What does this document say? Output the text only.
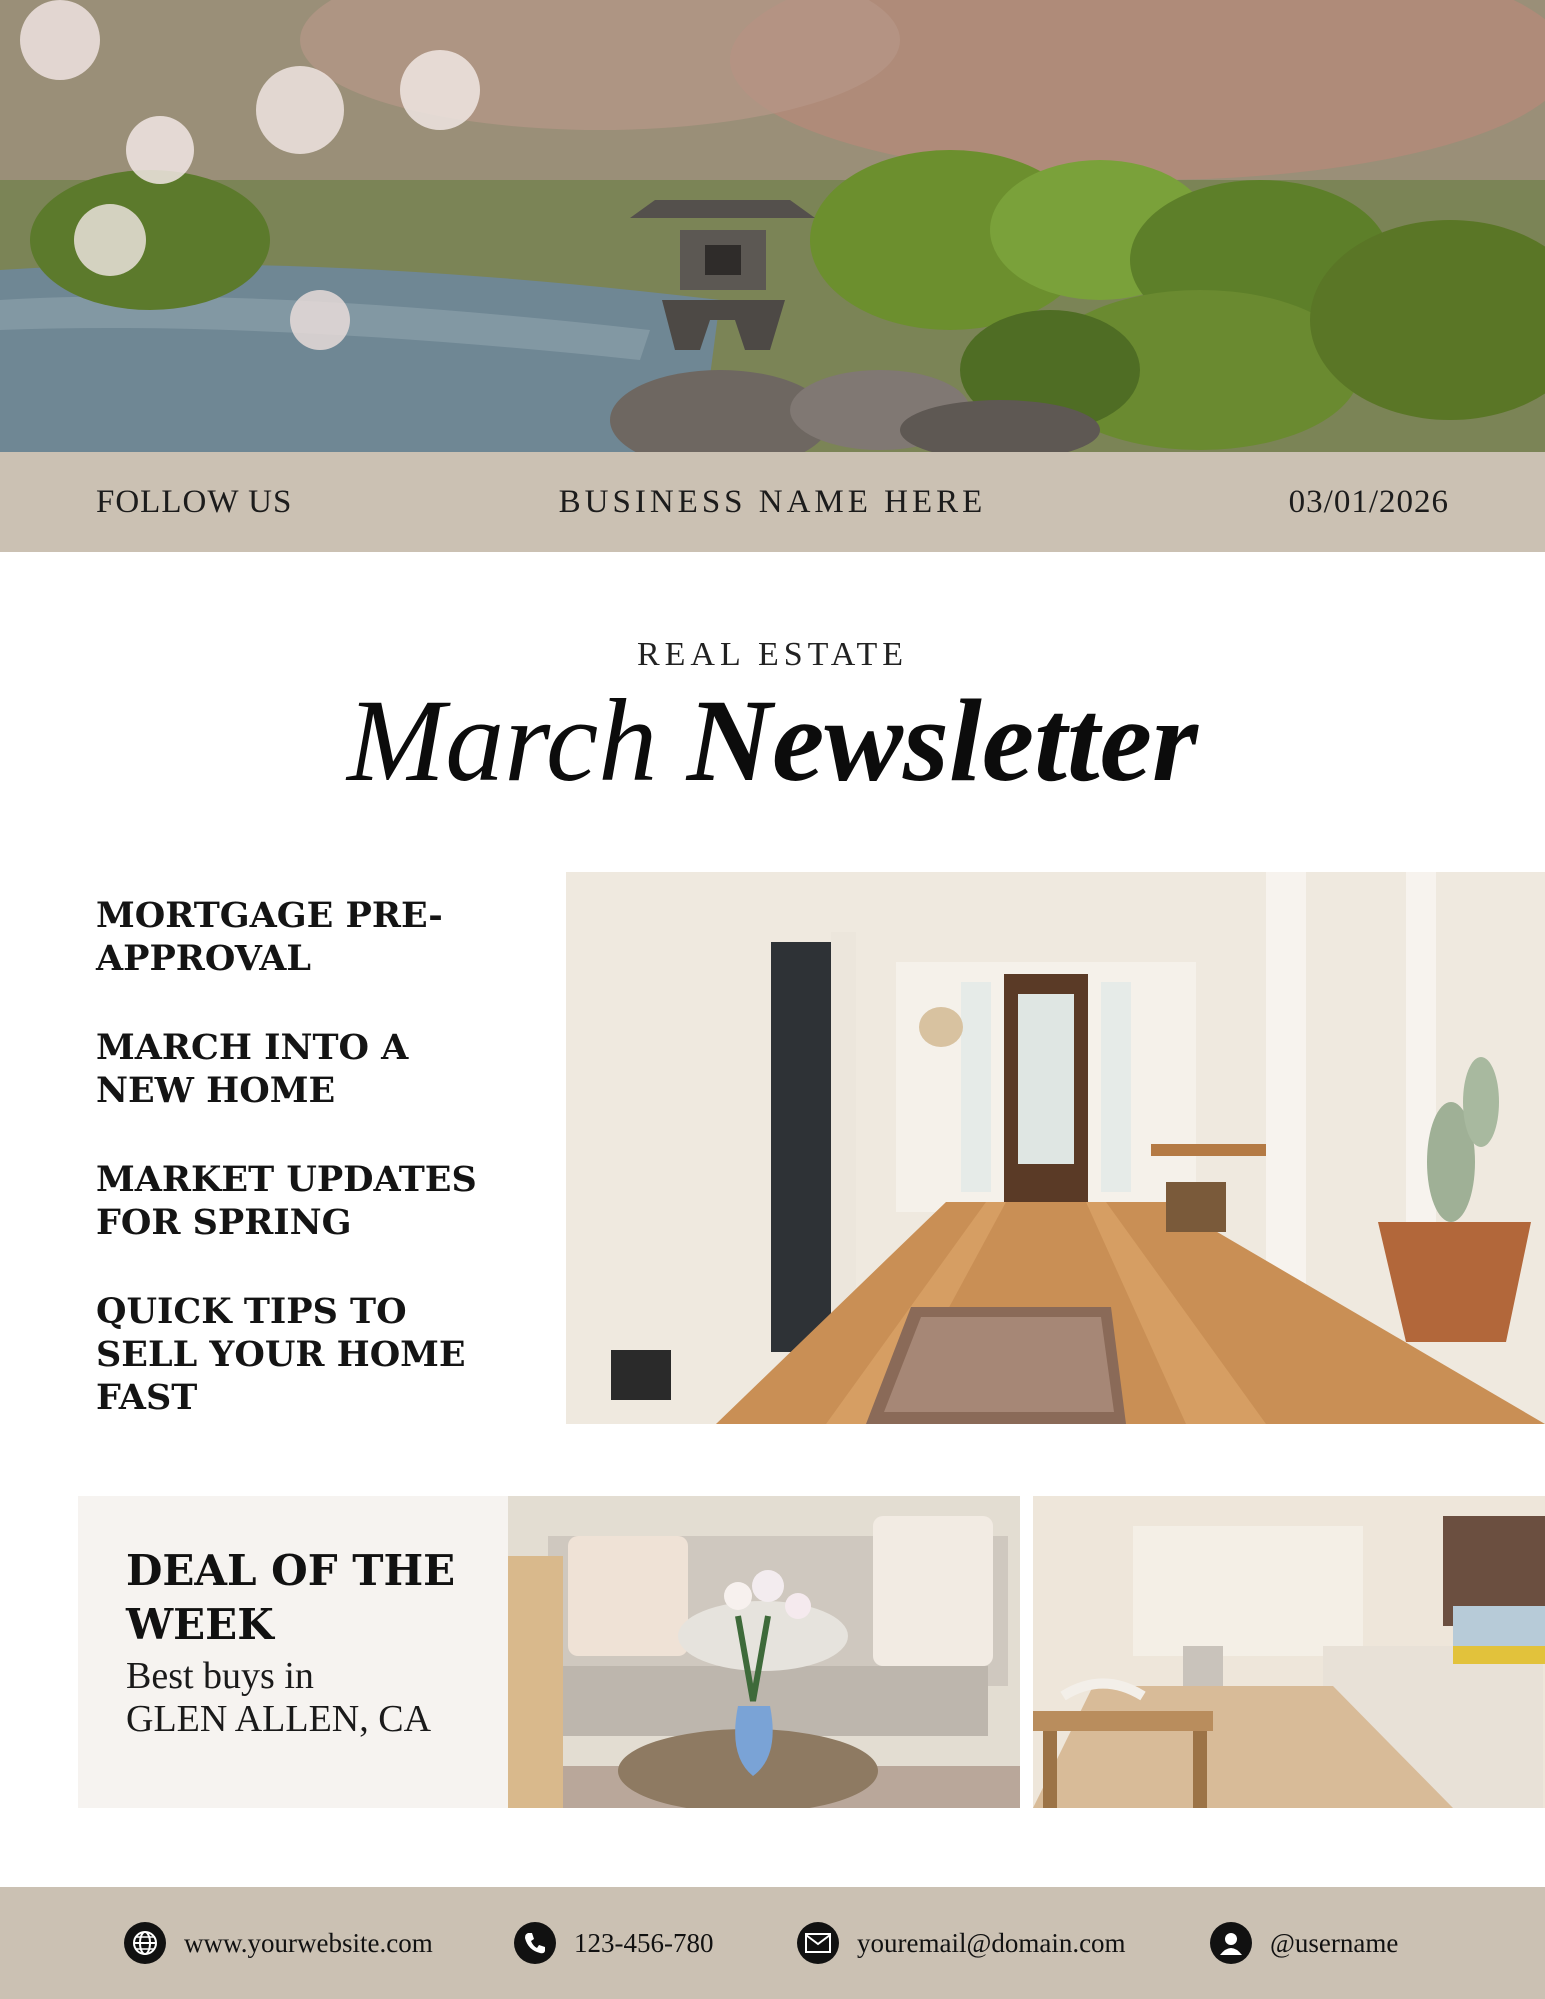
FOLLOW US	BUSINESS NAME HERE	03/01/2026
REAL ESTATE
March Newsletter
MORTGAGE PRE-APPROVAL
MARCH INTO A NEW HOME
MARKET UPDATES FOR SPRING
QUICK TIPS TO SELL YOUR HOME FAST
DEAL OF THE WEEK
Best buys in
GLEN ALLEN, CA
www.yourwebsite.com	123-456-780	youremail@domain.com	@username
